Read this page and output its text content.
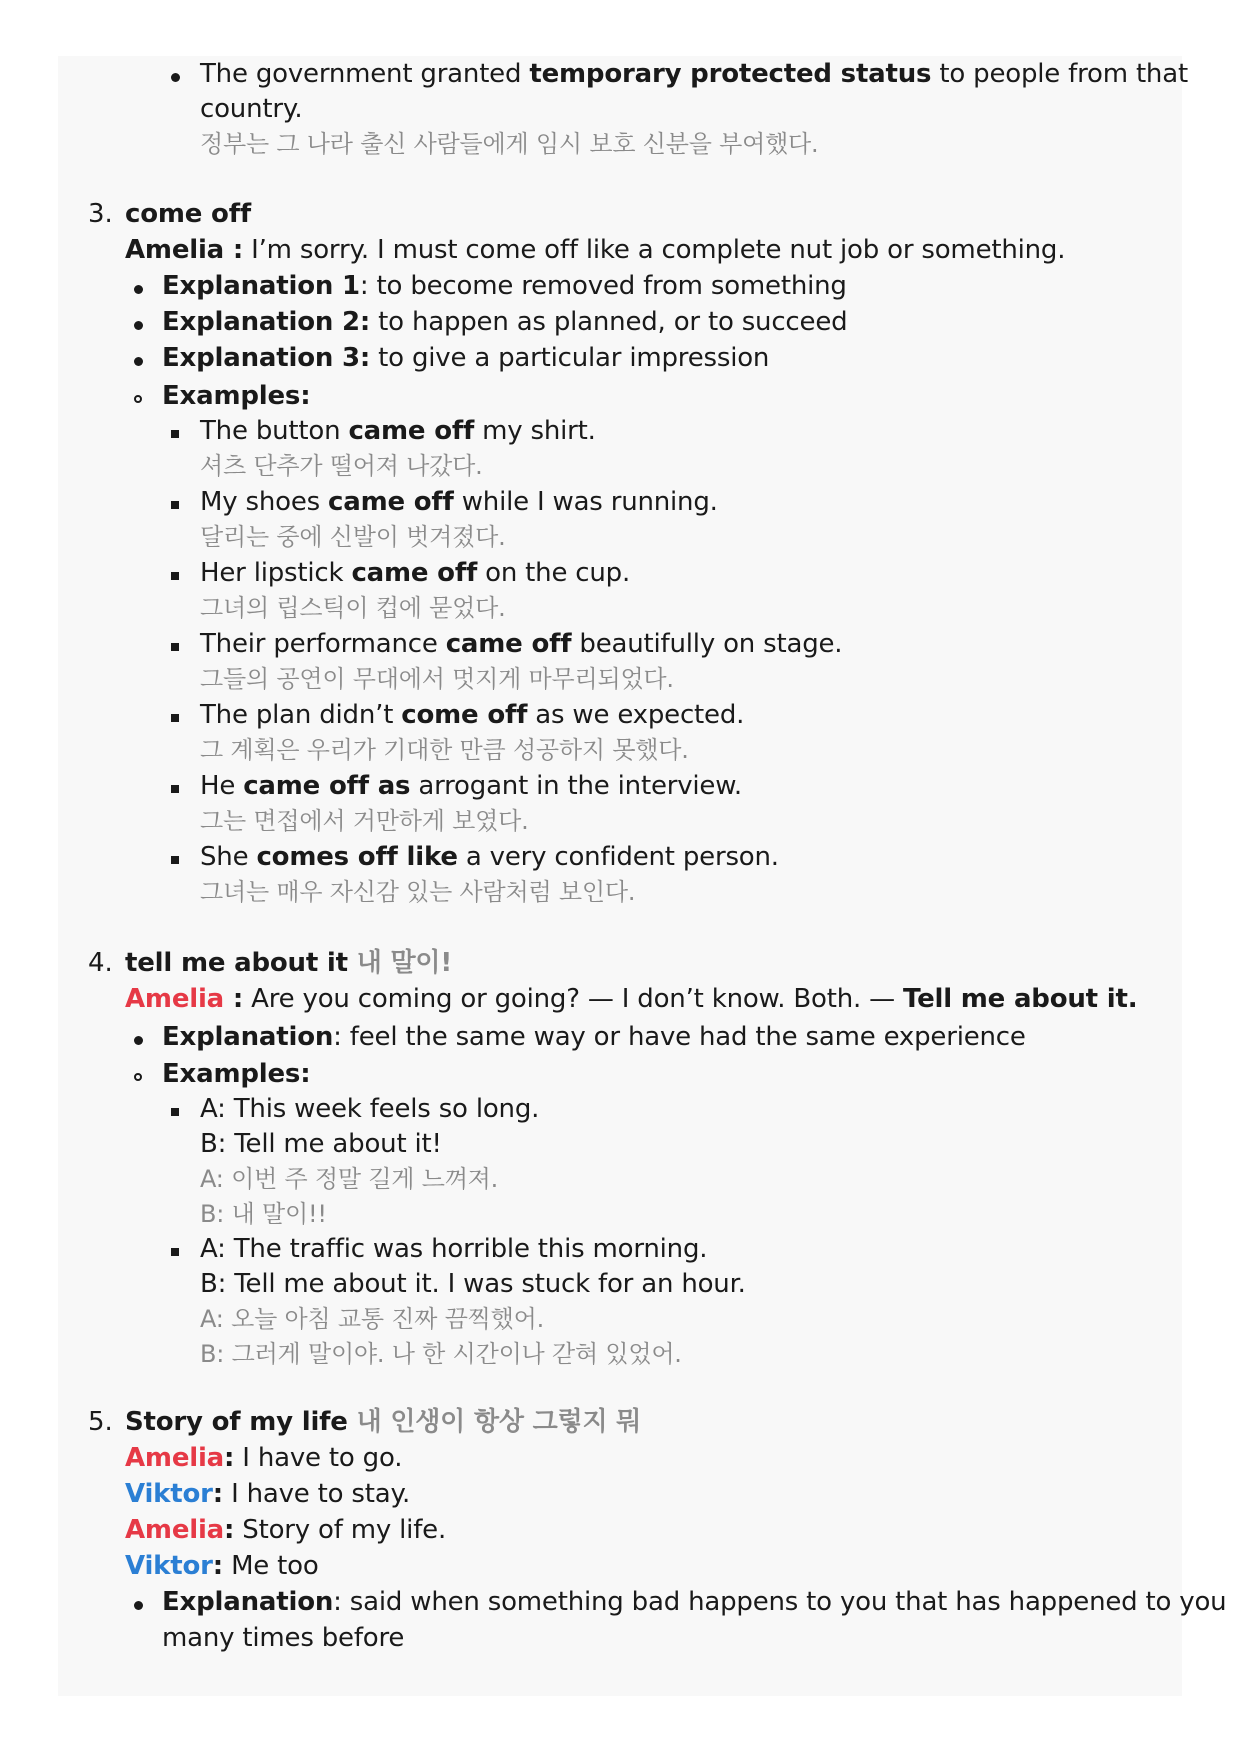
The government granted temporary protected status to people from that
country.
정부는 그 나라 출신 사람들에게 임시 보호 신분을 부여했다.
3. come off
Amelia : I’m sorry. I must come off like a complete nut job or something.
Explanation 1: to become removed from something
Explanation 2: to happen as planned, or to succeed
Explanation 3: to give a particular impression
Examples:
The button came off my shirt.
셔츠 단추가 떨어져 나갔다.
My shoes came off while I was running.
달리는 중에 신발이 벗겨졌다.
Her lipstick came off on the cup.
그녀의 립스틱이 컵에 묻었다.
Their performance came off beautifully on stage.
그들의 공연이 무대에서 멋지게 마무리되었다.
The plan didn’t come off as we expected.
그 계획은 우리가 기대한 만큼 성공하지 못했다.
He came off as arrogant in the interview.
그는 면접에서 거만하게 보였다.
She comes off like a very confident person.
그녀는 매우 자신감 있는 사람처럼 보인다.
4. tell me about it 내 말이!
Amelia : Are you coming or going? — I don’t know. Both. — Tell me about it.
Explanation: feel the same way or have had the same experience
Examples:
A: This week feels so long.
B: Tell me about it!
A: 이번 주 정말 길게 느껴져.
B: 내 말이!!
A: The traffic was horrible this morning.
B: Tell me about it. I was stuck for an hour.
A: 오늘 아침 교통 진짜 끔찍했어.
B: 그러게 말이야. 나 한 시간이나 갇혀 있었어.
5. Story of my life 내 인생이 항상 그렇지 뭐
Amelia: I have to go.
Viktor: I have to stay.
Amelia: Story of my life.
Viktor: Me too
Explanation: said when something bad happens to you that has happened to you
many times before
